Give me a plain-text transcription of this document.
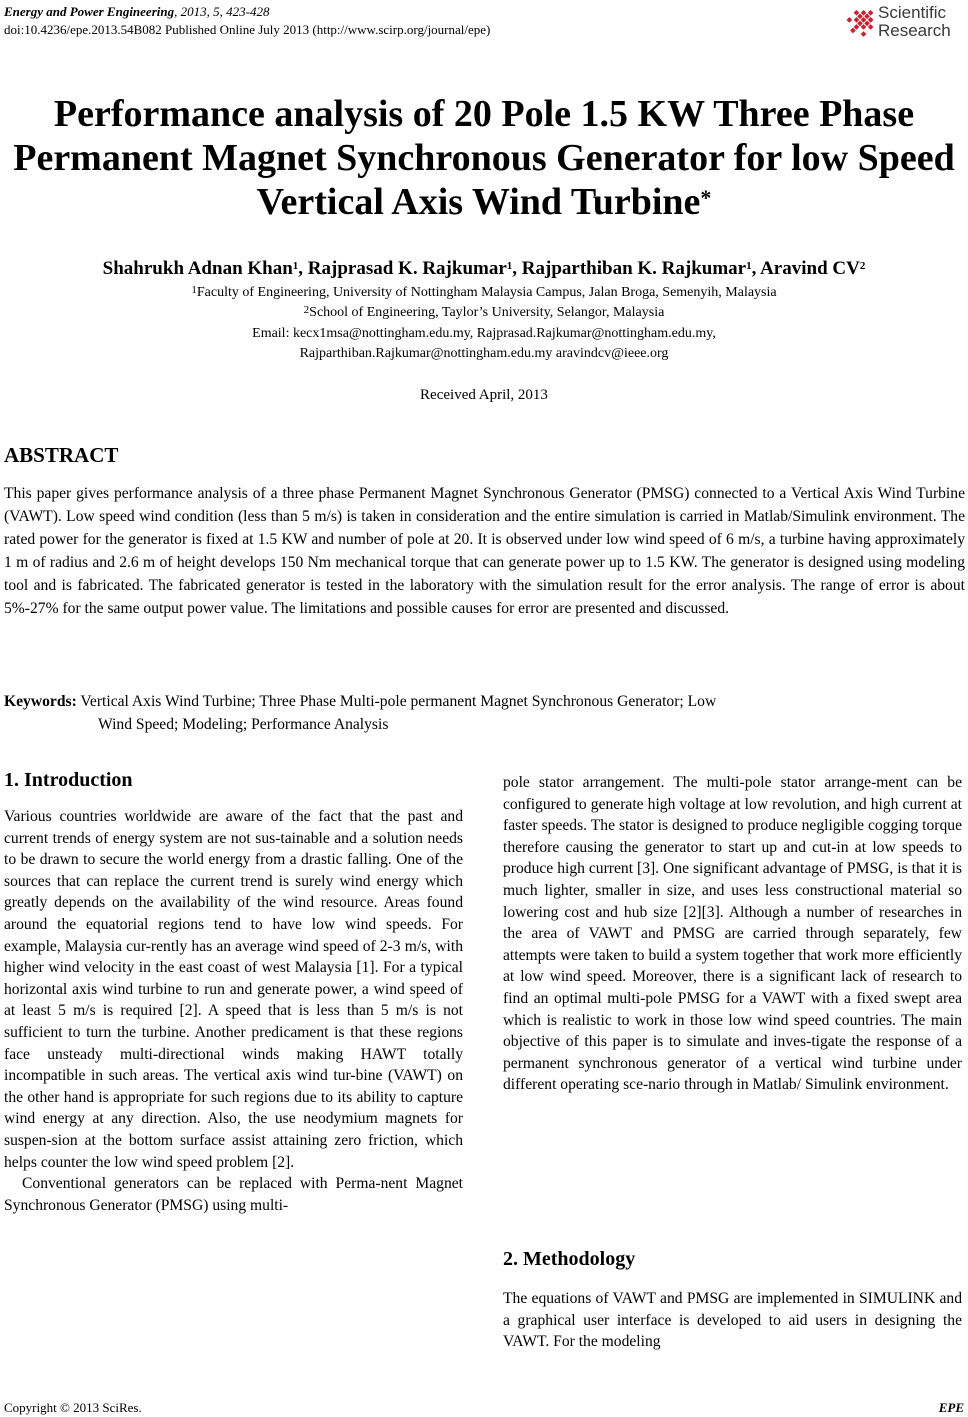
Energy and Power Engineering, 2013, 5, 423-428
doi:10.4236/epe.2013.54B082 Published Online July 2013 (http://www.scirp.org/journal/epe)
Scientific
Research
Performance analysis of 20 Pole 1.5 KW Three Phase
Permanent Magnet Synchronous Generator for low Speed
Vertical Axis Wind Turbine*
Shahrukh Adnan Khan$^1$, Rajprasad K. Rajkumar$^1$, Rajparthiban K. Rajkumar$^1$, Aravind $CV^2$
$^1$Faculty of Engineering, University of Nottingham Malaysia Campus, Jalan Broga, Semenyih, Malaysia
$^2$School of Engineering, Taylor’s University, Selangor, Malaysia
Email: kecx1msa@nottingham.edu.my, Rajprasad.Rajkumar@nottingham.edu.my,
Rajparthiban.Rajkumar@nottingham.edu.my aravindcv@ieee.org
Received April, 2013
ABSTRACT
This paper gives performance analysis of a three phase Permanent Magnet Synchronous Generator (PMSG) connected to a Vertical Axis Wind Turbine (VAWT). Low speed wind condition (less than 5 m/s) is taken in consideration and the entire simulation is carried in Matlab/Simulink environment. The rated power for the generator is fixed at 1.5 KW and number of pole at 20. It is observed under low wind speed of 6 m/s, a turbine having approximately 1 m of radius and 2.6 m of height develops 150 Nm mechanical torque that can generate power up to 1.5 KW. The generator is designed using modeling tool and is fabricated. The fabricated generator is tested in the laboratory with the simulation result for the error analysis. The range of error is about 5%-27% for the same output power value. The limitations and possible causes for error are presented and discussed.
Keywords: Vertical Axis Wind Turbine; Three Phase Multi-pole permanent Magnet Synchronous Generator; Low
Wind Speed; Modeling; Performance Analysis
1. Introduction
Various countries worldwide are aware of the fact that the past and current trends of energy system are not sus-tainable and a solution needs to be drawn to secure the world energy from a drastic falling. One of the sources that can replace the current trend is surely wind energy which greatly depends on the availability of the wind resource. Areas found around the equatorial regions tend to have low wind speeds. For example, Malaysia cur-rently has an average wind speed of 2-3 m/s, with higher wind velocity in the east coast of west Malaysia [1]. For a typical horizontal axis wind turbine to run and generate power, a wind speed of at least 5 m/s is required [2]. A speed that is less than 5 m/s is not sufficient to turn the turbine. Another predicament is that these regions face unsteady multi-directional winds making HAWT totally incompatible in such areas. The vertical axis wind tur-bine (VAWT) on the other hand is appropriate for such regions due to its ability to capture wind energy at any direction. Also, the use neodymium magnets for suspen-sion at the bottom surface assist attaining zero friction, which helps counter the low wind speed problem [2].
Conventional generators can be replaced with Perma-nent Magnet Synchronous Generator (PMSG) using multi-
pole stator arrangement. The multi-pole stator arrange-ment can be configured to generate high voltage at low revolution, and high current at faster speeds. The stator is designed to produce negligible cogging torque therefore causing the generator to start up and cut-in at low speeds to produce high current [3]. One significant advantage of PMSG, is that it is much lighter, smaller in size, and uses less constructional material so lowering cost and hub size [2][3]. Although a number of researches in the area of VAWT and PMSG are carried through separately, few attempts were taken to build a system together that work more efficiently at low wind speed. Moreover, there is a significant lack of research to find an optimal multi-pole PMSG for a VAWT with a fixed swept area which is realistic to work in those low wind speed countries. The main objective of this paper is to simulate and inves-tigate the response of a permanent synchronous generator of a vertical wind turbine under different operating sce-nario through in Matlab/ Simulink environment.
2. Methodology
The equations of VAWT and PMSG are implemented in SIMULINK and a graphical user interface is developed to aid users in designing the VAWT. For the modeling
Copyright © 2013 SciRes.	EPE
